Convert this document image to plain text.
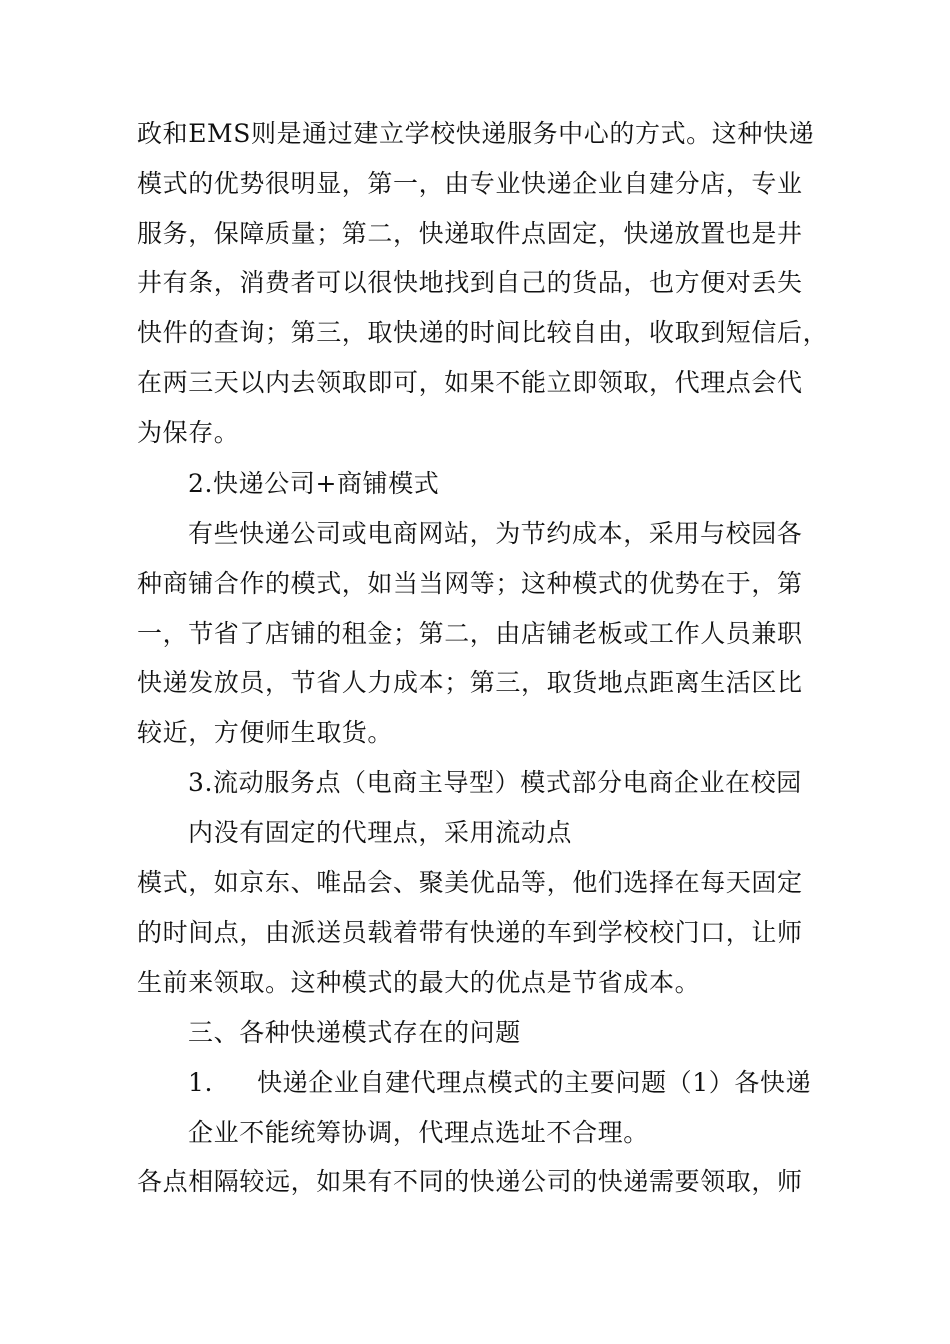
政和EMS则是通过建立学校快递服务中心的方式。这种快递
模式的优势很明显，第一，由专业快递企业自建分店，专业
服务，保障质量；第二，快递取件点固定，快递放置也是井
井有条，消费者可以很快地找到自己的货品，也方便对丢失
快件的查询；第三，取快递的时间比较自由，收取到短信后，
在两三天以内去领取即可，如果不能立即领取，代理点会代
为保存。
2.快递公司+商铺模式
有些快递公司或电商网站，为节约成本，采用与校园各
种商铺合作的模式，如当当网等；这种模式的优势在于，第
一，节省了店铺的租金；第二，由店铺老板或工作人员兼职
快递发放员，节省人力成本；第三，取货地点距离生活区比
较近，方便师生取货。
3.流动服务点（电商主导型）模式部分电商企业在校园
内没有固定的代理点，采用流动点
模式，如京东、唯品会、聚美优品等，他们选择在每天固定
的时间点，由派送员载着带有快递的车到学校校门口，让师
生前来领取。这种模式的最大的优点是节省成本。
三、各种快递模式存在的问题
1. 快递企业自建代理点模式的主要问题（1）各快递
企业不能统筹协调，代理点选址不合理。
各点相隔较远，如果有不同的快递公司的快递需要领取，师
